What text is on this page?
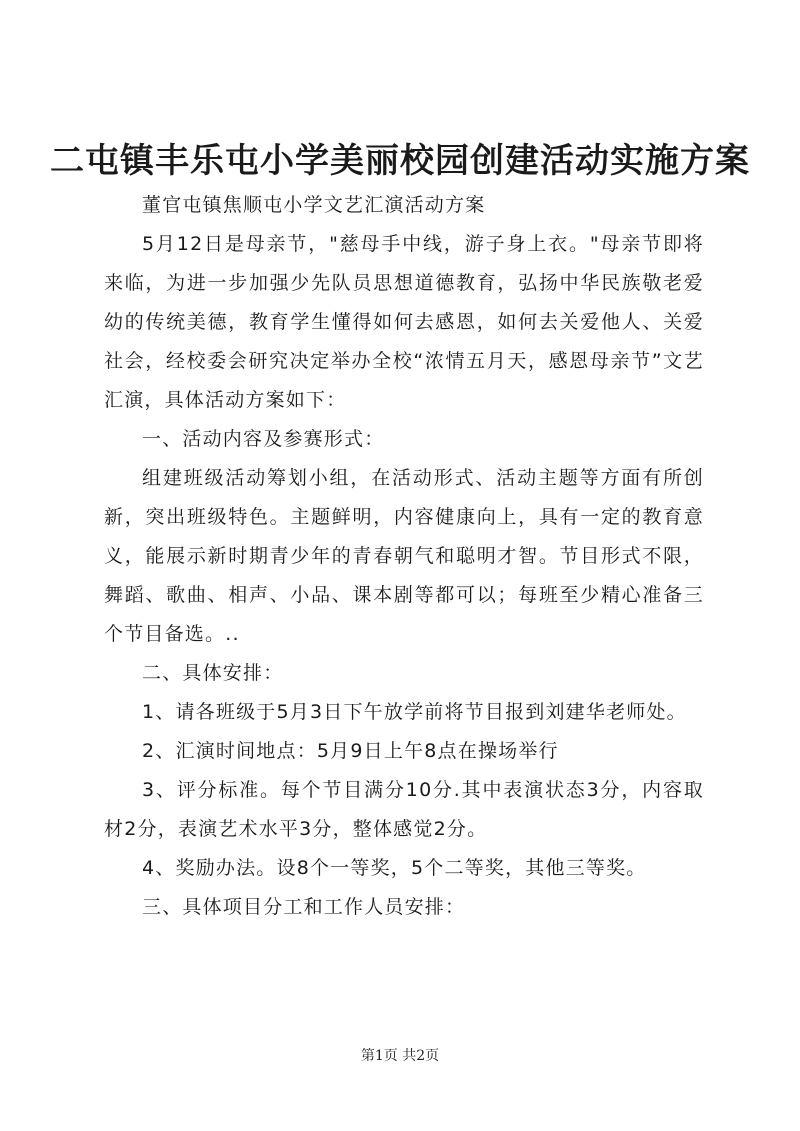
二屯镇丰乐屯小学美丽校园创建活动实施方案

董官屯镇焦顺屯小学文艺汇演活动方案

5月12日是母亲节，"慈母手中线，游子身上衣。"母亲节即将来临，为进一步加强少先队员思想道德教育，弘扬中华民族敬老爱幼的传统美德，教育学生懂得如何去感恩，如何去关爱他人、关爱社会，经校委会研究决定举办全校“浓情五月天，感恩母亲节”文艺汇演，具体活动方案如下：

一、活动内容及参赛形式：

组建班级活动筹划小组，在活动形式、活动主题等方面有所创新，突出班级特色。主题鲜明，内容健康向上，具有一定的教育意义，能展示新时期青少年的青春朝气和聪明才智。节目形式不限，舞蹈、歌曲、相声、小品、课本剧等都可以；每班至少精心准备三个节目备选。..

二、具体安排：

1、请各班级于5月3日下午放学前将节目报到刘建华老师处。

2、汇演时间地点：5月9日上午8点在操场举行

3、评分标准。每个节目满分10分.其中表演状态3分，内容取材2分，表演艺术水平3分，整体感觉2分。

4、奖励办法。设8个一等奖，5个二等奖，其他三等奖。

三、具体项目分工和工作人员安排：

第1页 共2页
